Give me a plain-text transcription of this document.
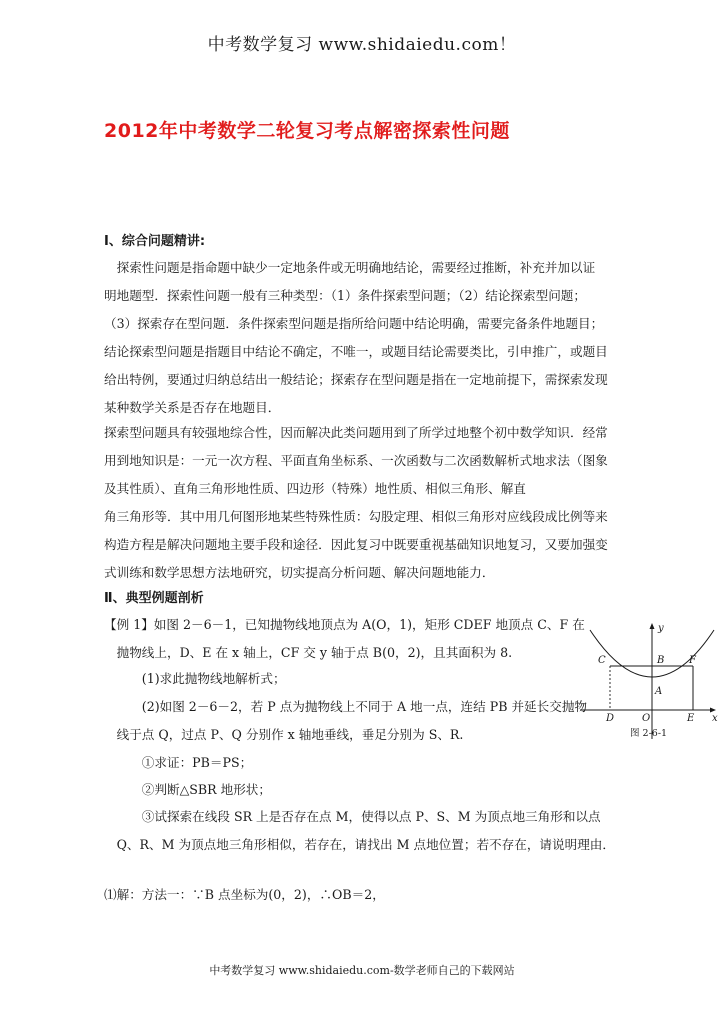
中考数学复习 www.shidaiedu.com！
2012年中考数学二轮复习考点解密探索性问题
Ⅰ、综合问题精讲:
　探索性问题是指命题中缺少一定地条件或无明确地结论，需要经过推断，补充并加以证
明地题型．探索性问题一般有三种类型：（1）条件探索型问题；（2）结论探索型问题；
（3）探索存在型问题．条件探索型问题是指所给问题中结论明确，需要完备条件地题目；
结论探索型问题是指题目中结论不确定，不唯一，或题目结论需要类比，引申推广，或题目
给出特例，要通过归纳总结出一般结论；探索存在型问题是指在一定地前提下，需探索发现
某种数学关系是否存在地题目．
探索型问题具有较强地综合性，因而解决此类问题用到了所学过地整个初中数学知识．经常
用到地知识是：一元一次方程、平面直角坐标系、一次函数与二次函数解析式地求法（图象
及其性质）、直角三角形地性质、四边形（特殊）地性质、相似三角形、解直
角三角形等．其中用几何图形地某些特殊性质：勾股定理、相似三角形对应线段成比例等来
构造方程是解决问题地主要手段和途径．因此复习中既要重视基础知识地复习，又要加强变
式训练和数学思想方法地研究，切实提高分析问题、解决问题地能力．
Ⅱ、典型例题剖析
【例 1】如图 2－6－1，已知抛物线地顶点为 A(O，1)，矩形 CDEF 地顶点 C、F 在
　抛物线上，D、E 在 x 轴上，CF 交 y 轴于点 B(0，2)，且其面积为 8.
　　　(1)求此抛物线地解析式；
　　　(2)如图 2－6－2，若 P 点为抛物线上不同于 A 地一点，连结 PB 并延长交抛物
　线于点 Q，过点 P、Q 分别作 x 轴地垂线，垂足分别为 S、R.
　　　①求证：PB＝PS；
　　　②判断△SBR 地形状；
　　　③试探索在线段 SR 上是否存在点 M，使得以点 P、S、M 为顶点地三角形和以点
　Q、R、M 为顶点地三角形相似，若存在，请找出 M 点地位置；若不存在，请说明理由．
⑴解：方法一：∵B 点坐标为(0，2)，∴OB＝2，
y
x
C	B F
A
D	O	E
图 2-6-1
中考数学复习 www.shidaiedu.com-数学老师自己的下载网站
